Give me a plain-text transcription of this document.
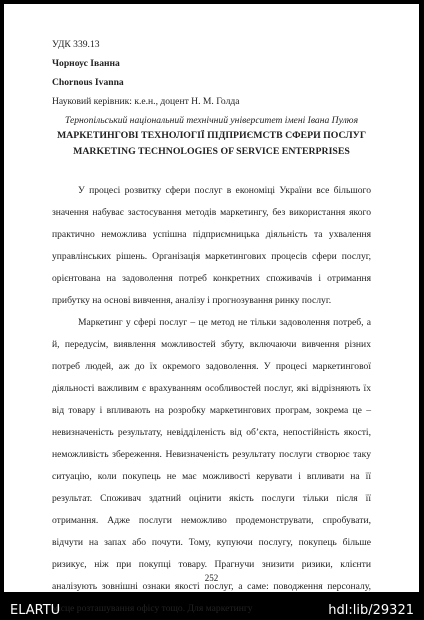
УДК 339.13

Чорноус Іванна

Chornous Ivanna

Науковий керівник: к.е.н., доцент Н. М. Голда

Тернопільський національний технічний університет імені Івана Пулюя

МАРКЕТИНГОВІ ТЕХНОЛОГІЇ ПІДПРИЄМСТВ СФЕРИ ПОСЛУГ

MARKETING TECHNOLOGIES OF SERVICE ENTERPRISES

У процесі розвитку сфери послуг в економіці України все більшого значення набуває застосування методів маркетингу, без використання якого практично неможлива успішна підприємницька діяльність та ухвалення управлінських рішень. Організація маркетингових процесів сфери послуг, орієнтована на задоволення потреб конкретних споживачів і отримання прибутку на основі вивчення, аналізу і прогнозування ринку послуг.

Маркетинг у сфері послуг – це метод не тільки задоволення потреб, а й, передусім, виявлення можливостей збуту, включаючи вивчення різних потреб людей, аж до їх окремого задоволення. У процесі маркетингової діяльності важливим є врахуванням особливостей послуг, які відрізняють їх від товару і впливають на розробку маркетингових програм, зокрема це – невизначеність результату, невідділеність від об’єкта, непостійність якості, неможливість збереження. Невизначеність результату послуги створює таку ситуацію, коли покупець не має можливості керувати і впливати на її результат. Споживач здатний оцінити якість послуги тільки після її отримання. Адже послуги неможливо продемонструвати, спробувати, відчути на запах або почути. Тому, купуючи послугу, покупець більше ризикує, ніж при покупці товару. Прагнучи знизити ризики, клієнти аналізують зовнішні ознаки якості послуг, а саме: поводження персоналу, місце розташування офісу тощо. Для маркетингу

252
ELARTU	hdl:lib/29321
